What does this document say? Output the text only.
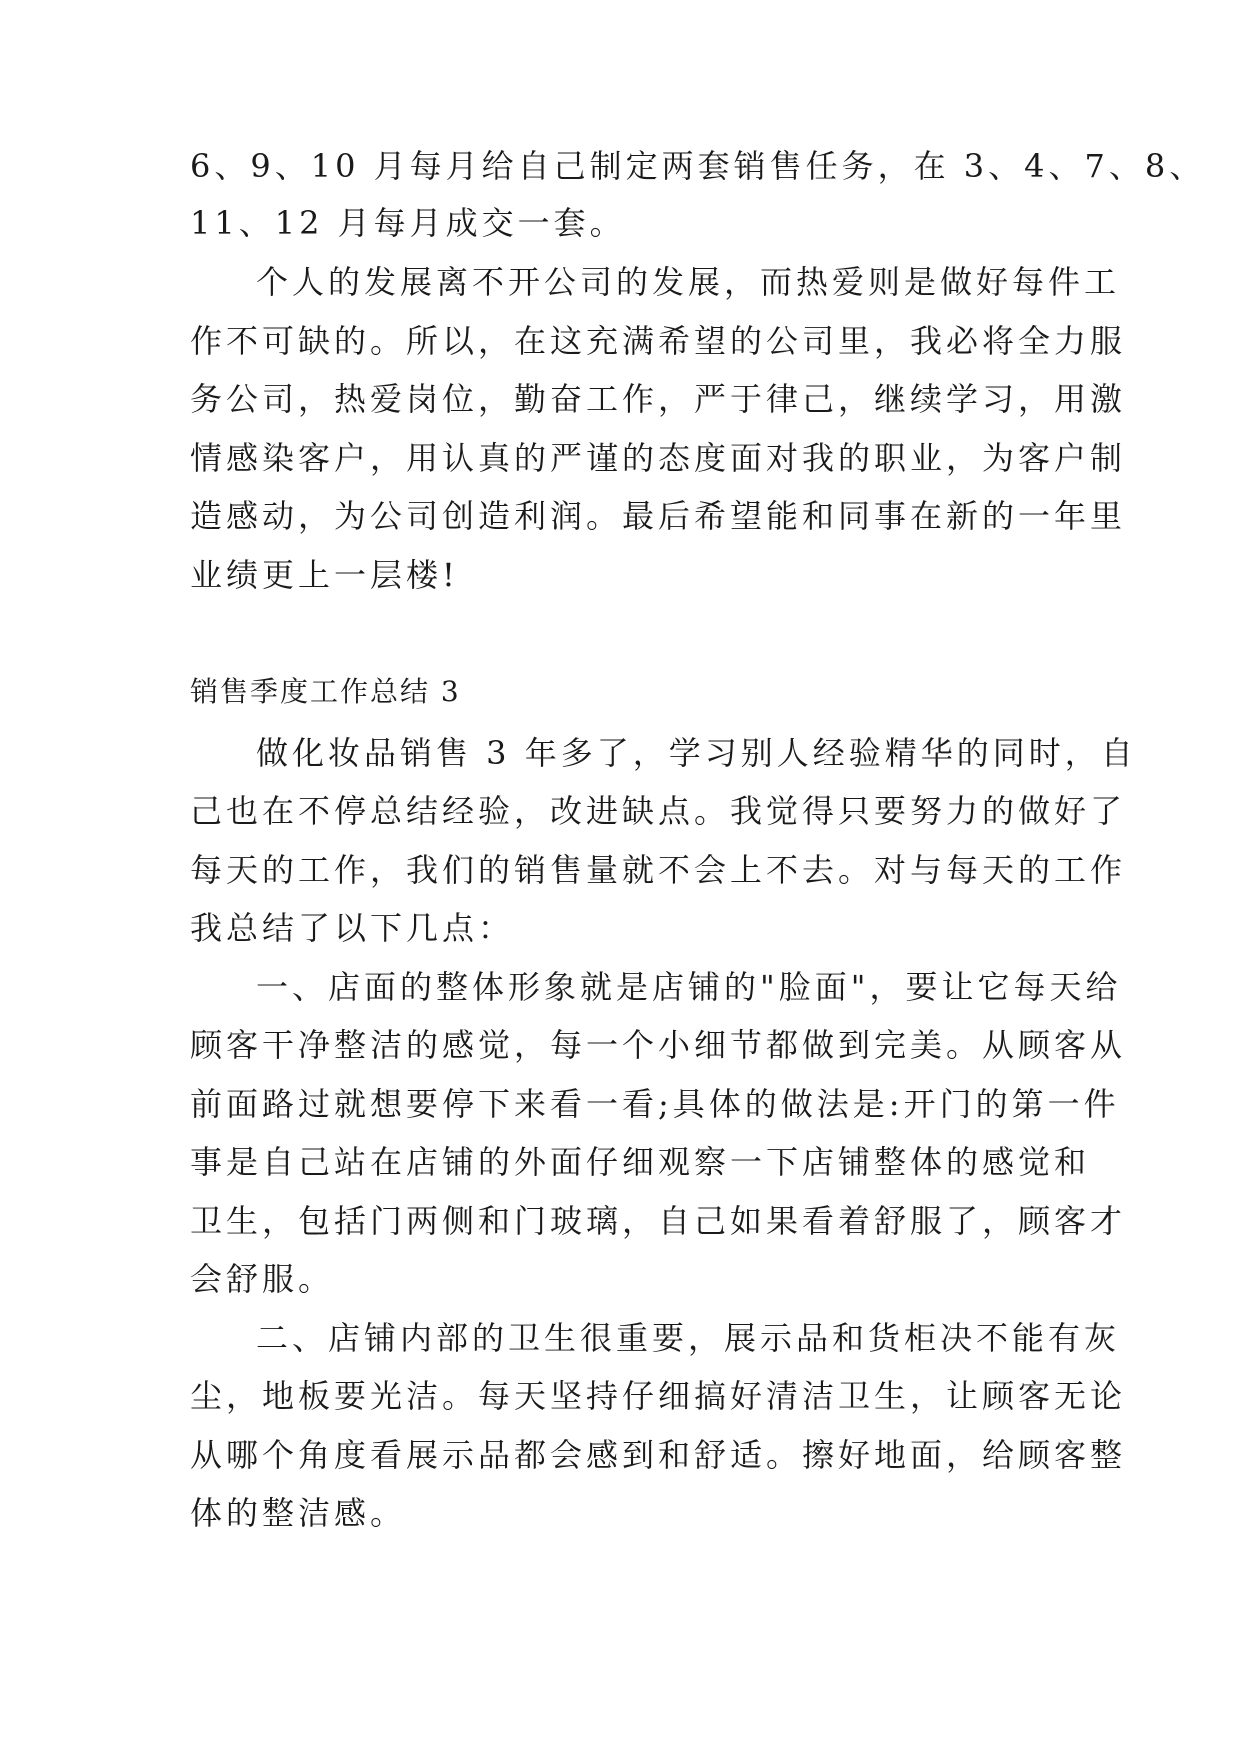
6、9、10 月每月给自己制定两套销售任务，在 3、4、7、8、
11、12 月每月成交一套。
个人的发展离不开公司的发展，而热爱则是做好每件工
作不可缺的。所以，在这充满希望的公司里，我必将全力服
务公司，热爱岗位，勤奋工作，严于律己，继续学习，用激
情感染客户，用认真的严谨的态度面对我的职业，为客户制
造感动，为公司创造利润。最后希望能和同事在新的一年里
业绩更上一层楼!
销售季度工作总结 3
做化妆品销售 3 年多了，学习别人经验精华的同时，自
己也在不停总结经验，改进缺点。我觉得只要努力的做好了
每天的工作，我们的销售量就不会上不去。对与每天的工作
我总结了以下几点：
一、店面的整体形象就是店铺的"脸面"，要让它每天给
顾客干净整洁的感觉，每一个小细节都做到完美。从顾客从
前面路过就想要停下来看一看;具体的做法是:开门的第一件
事是自己站在店铺的外面仔细观察一下店铺整体的感觉和
卫生，包括门两侧和门玻璃，自己如果看着舒服了，顾客才
会舒服。
二、店铺内部的卫生很重要，展示品和货柜决不能有灰
尘，地板要光洁。每天坚持仔细搞好清洁卫生，让顾客无论
从哪个角度看展示品都会感到和舒适。擦好地面，给顾客整
体的整洁感。
